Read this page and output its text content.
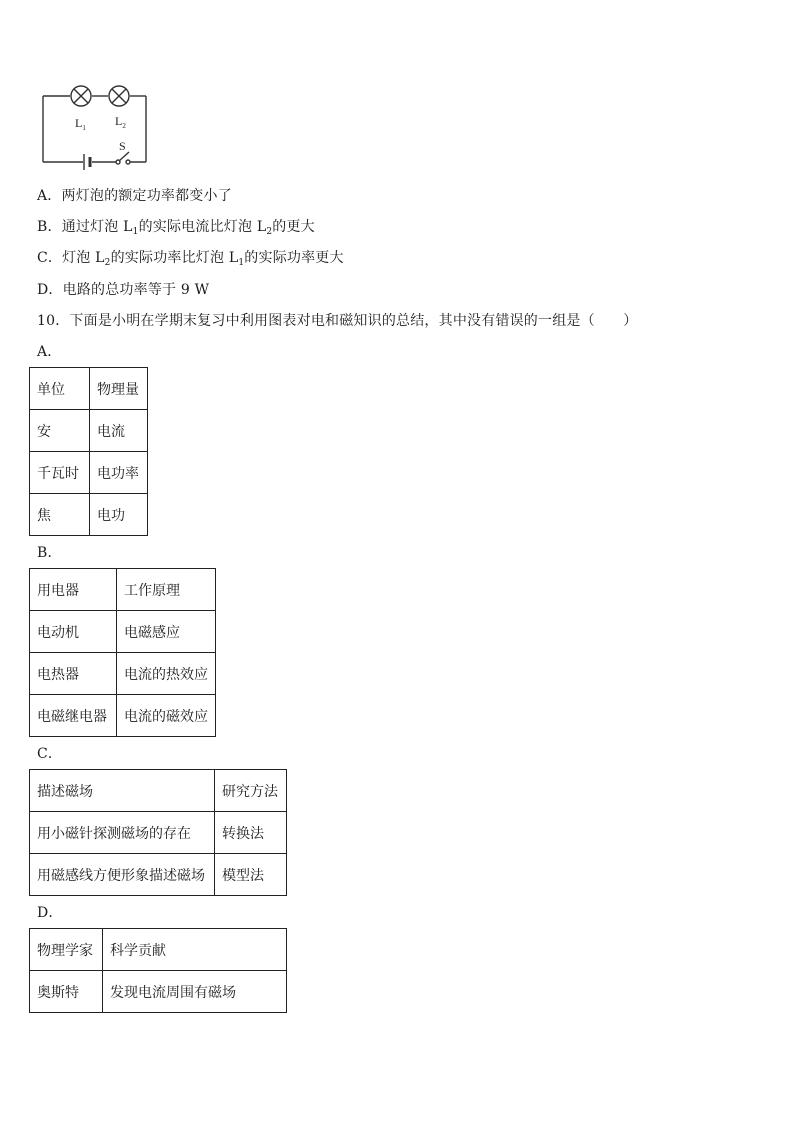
$L_1$ $L_2$
S
A．两灯泡的额定功率都变小了
B．通过灯泡 $L_1$的实际电流比灯泡 $L_2$的更大
C．灯泡 $L_2$的实际功率比灯泡 $L_1$的实际功率更大
D．电路的总功率等于 9 W
10．下面是小明在学期末复习中利用图表对电和磁知识的总结，其中没有错误的一组是（　　）
A．
单位	物理量
安	电流
千瓦时	电功率
焦	电功
B．
用电器	工作原理
电动机	电磁感应
电热器	电流的热效应
电磁继电器	电流的磁效应
C．
描述磁场	研究方法
用小磁针探测磁场的存在	转换法
用磁感线方便形象描述磁场	模型法
D．
物理学家	科学贡献
奥斯特	发现电流周围有磁场
